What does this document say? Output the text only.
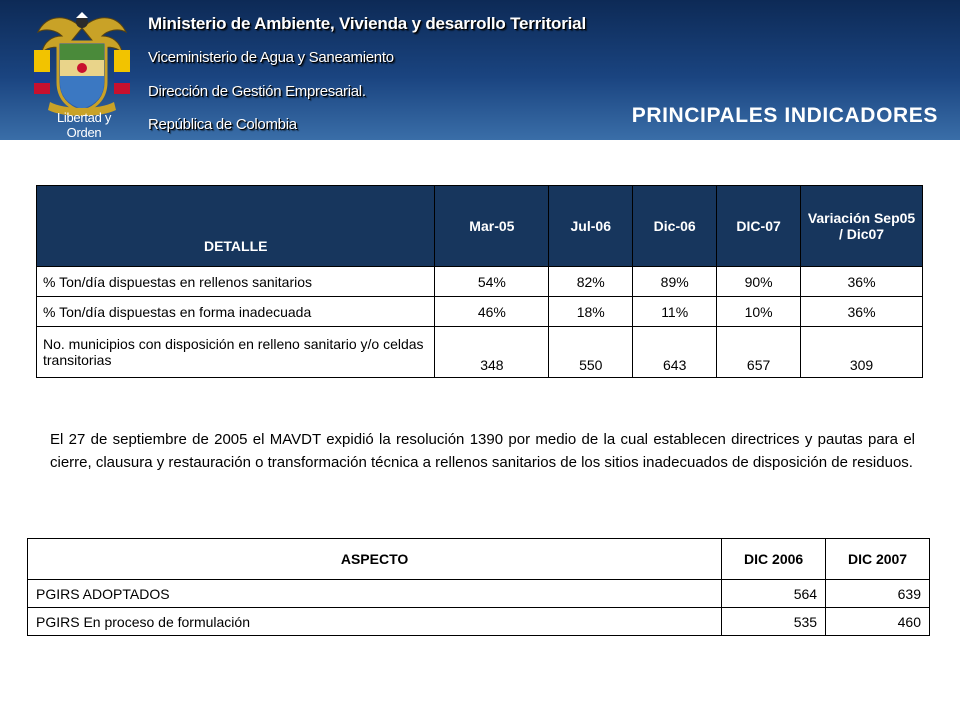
Libertad y Orden
Ministerio de Ambiente, Vivienda y desarrollo Territorial
Viceministerio de Agua y Saneamiento
Dirección de Gestión Empresarial.
República de Colombia	PRINCIPALES INDICADORES
DETALLE	Mar-05	Jul-06	Dic-06	DIC-07	Variación Sep05 / Dic07
% Ton/día dispuestas en rellenos sanitarios	54%	82%	89%	90%	36%
% Ton/día dispuestas en forma inadecuada	46%	18%	11%	10%	36%
No. municipios con disposición en relleno sanitario y/o celdas transitorias	348	550	643	657	309

El 27 de septiembre de 2005 el MAVDT expidió la resolución 1390 por medio de la cual establecen directrices y pautas para el cierre, clausura y restauración o transformación técnica a rellenos sanitarios de los sitios inadecuados de disposición de residuos.

ASPECTO	DIC 2006	DIC 2007
PGIRS ADOPTADOS	564	639
PGIRS En proceso de formulación	535	460
